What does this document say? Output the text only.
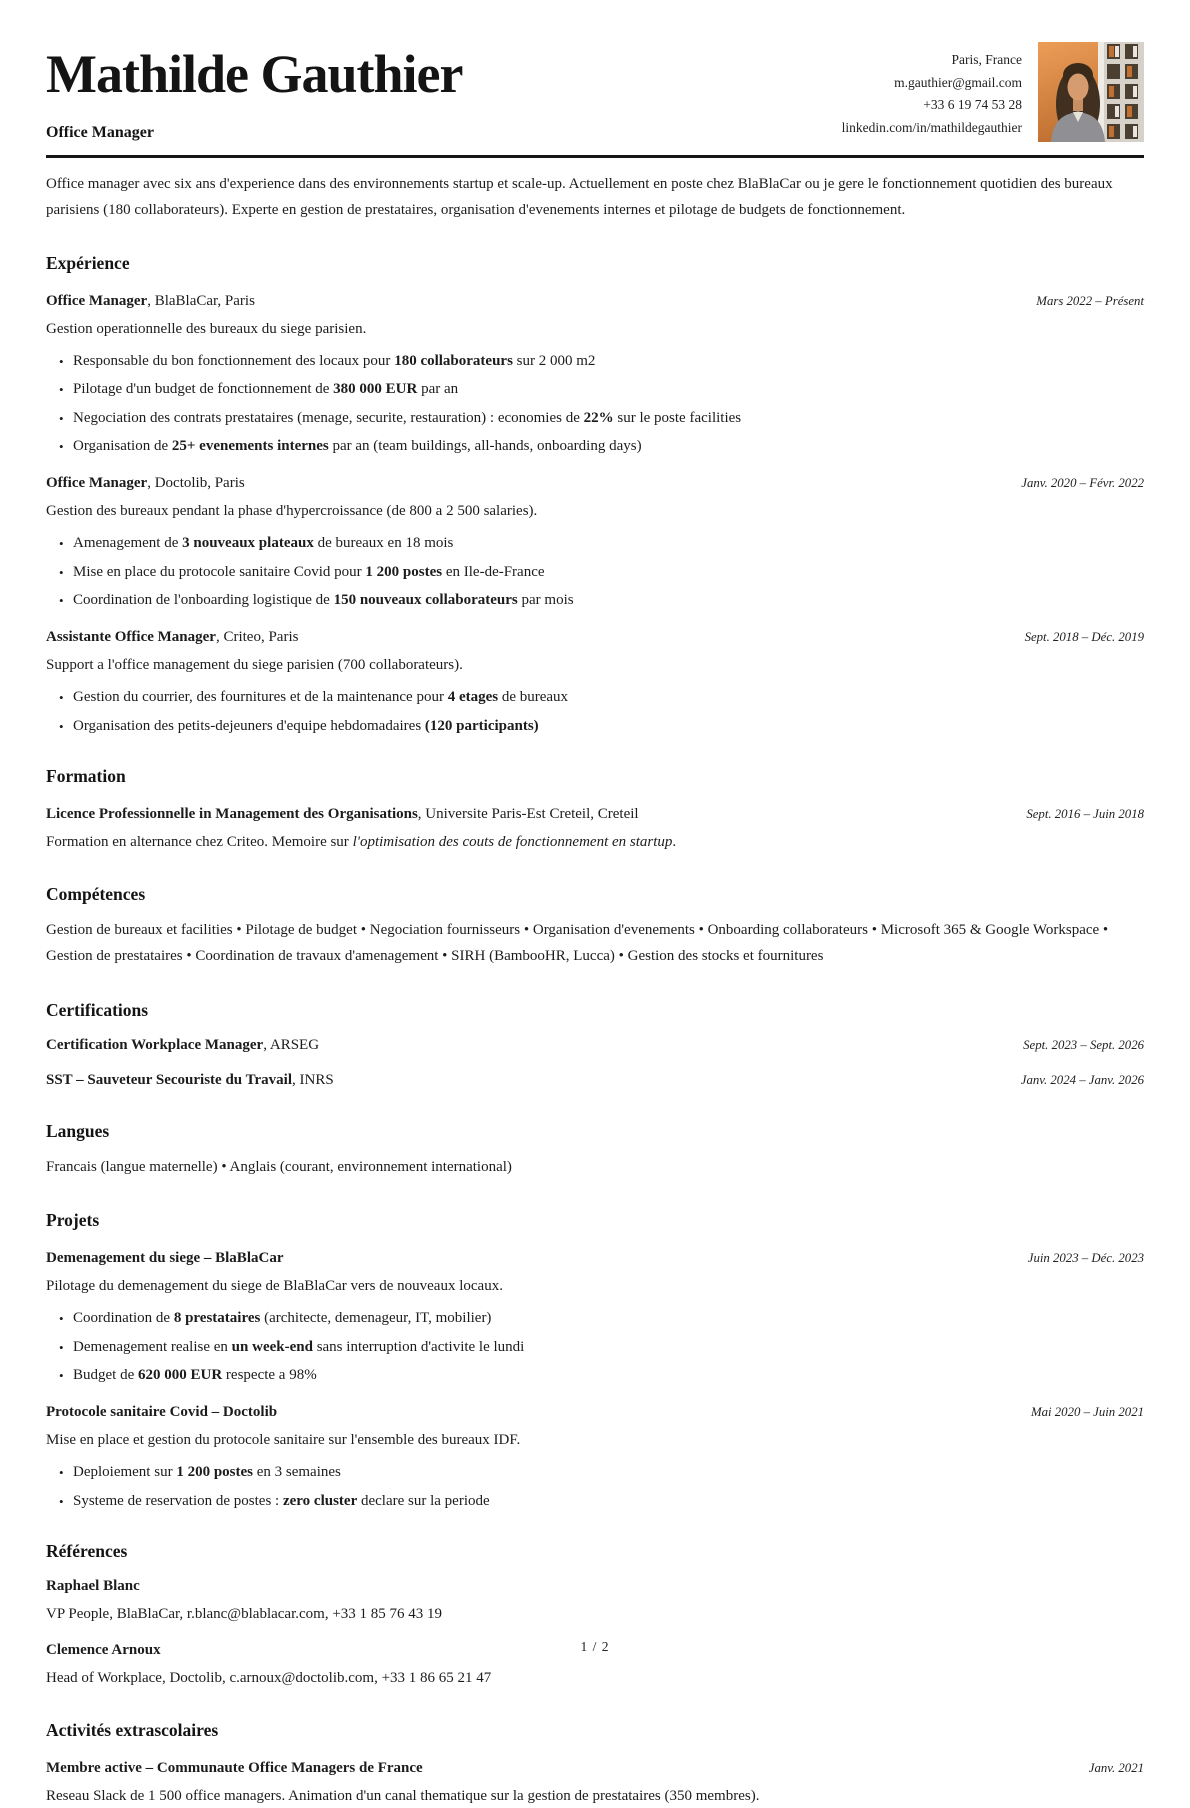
Mathilde Gauthier
Office Manager
Paris, France
m.gauthier@gmail.com
+33 6 19 74 53 28
linkedin.com/in/mathildegauthier

Office manager avec six ans d'experience dans des environnements startup et scale-up. Actuellement en poste chez BlaBlaCar ou je gere le fonctionnement quotidien des bureaux parisiens (180 collaborateurs). Experte en gestion de prestataires, organisation d'evenements internes et pilotage de budgets de fonctionnement.

Expérience
Office Manager, BlaBlaCar, Paris	Mars 2022 – Présent
Gestion operationnelle des bureaux du siege parisien.
• Responsable du bon fonctionnement des locaux pour 180 collaborateurs sur 2 000 m2
• Pilotage d'un budget de fonctionnement de 380 000 EUR par an
• Negociation des contrats prestataires (menage, securite, restauration) : economies de 22% sur le poste facilities
• Organisation de 25+ evenements internes par an (team buildings, all-hands, onboarding days)
Office Manager, Doctolib, Paris	Janv. 2020 – Févr. 2022
Gestion des bureaux pendant la phase d'hypercroissance (de 800 a 2 500 salaries).
• Amenagement de 3 nouveaux plateaux de bureaux en 18 mois
• Mise en place du protocole sanitaire Covid pour 1 200 postes en Ile-de-France
• Coordination de l'onboarding logistique de 150 nouveaux collaborateurs par mois
Assistante Office Manager, Criteo, Paris	Sept. 2018 – Déc. 2019
Support a l'office management du siege parisien (700 collaborateurs).
• Gestion du courrier, des fournitures et de la maintenance pour 4 etages de bureaux
• Organisation des petits-dejeuners d'equipe hebdomadaires (120 participants)
Formation
Licence Professionnelle in Management des Organisations, Universite Paris-Est Creteil, Creteil	Sept. 2016 – Juin 2018
Formation en alternance chez Criteo. Memoire sur l'optimisation des couts de fonctionnement en startup.
Compétences

Gestion de bureaux et facilities • Pilotage de budget • Negociation fournisseurs • Organisation d'evenements • Onboarding collaborateurs • Microsoft 365 & Google Workspace • Gestion de prestataires • Coordination de travaux d'amenagement • SIRH (BambooHR, Lucca) • Gestion des stocks et fournitures

Certifications
Certification Workplace Manager, ARSEG	Sept. 2023 – Sept. 2026
SST – Sauveteur Secouriste du Travail, INRS	Janv. 2024 – Janv. 2026
Langues

Francais (langue maternelle) • Anglais (courant, environnement international)

Projets
Demenagement du siege – BlaBlaCar	Juin 2023 – Déc. 2023
Pilotage du demenagement du siege de BlaBlaCar vers de nouveaux locaux.
• Coordination de 8 prestataires (architecte, demenageur, IT, mobilier)
• Demenagement realise en un week-end sans interruption d'activite le lundi
• Budget de 620 000 EUR respecte a 98%
Protocole sanitaire Covid – Doctolib	Mai 2020 – Juin 2021
Mise en place et gestion du protocole sanitaire sur l'ensemble des bureaux IDF.
• Deploiement sur 1 200 postes en 3 semaines
• Systeme de reservation de postes : zero cluster declare sur la periode
Références
Raphael Blanc
VP People, BlaBlaCar, r.blanc@blablacar.com, +33 1 85 76 43 19
Clemence Arnoux
Head of Workplace, Doctolib, c.arnoux@doctolib.com, +33 1 86 65 21 47
Activités extrascolaires
Membre active – Communaute Office Managers de France	Janv. 2021
Reseau Slack de 1 500 office managers. Animation d'un canal thematique sur la gestion de prestataires (350 membres).
1 / 2
